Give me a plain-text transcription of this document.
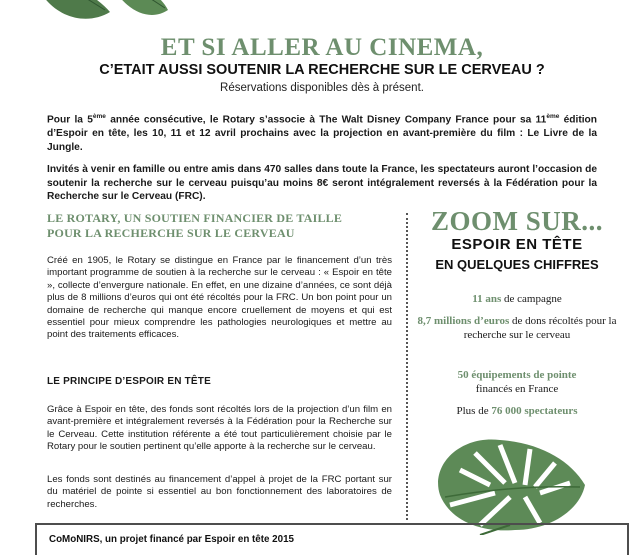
ET SI ALLER AU CINEMA,
C’ETAIT AUSSI SOUTENIR LA RECHERCHE SUR LE CERVEAU ?
Réservations disponibles dès à présent.
Pour la 5ème année consécutive, le Rotary s’associe à The Walt Disney Company France pour sa 11ème édition d’Espoir en tête, les 10, 11 et 12 avril prochains avec la projection en avant-première du film : Le Livre de la Jungle.
Invités à venir en famille ou entre amis dans 470 salles dans toute la France, les spectateurs auront l’occasion de soutenir la recherche sur le cerveau puisqu’au moins 8€ seront intégralement reversés à la Fédération pour la Recherche sur le Cerveau (FRC).
LE ROTARY, UN SOUTIEN FINANCIER DE TAILLE
POUR LA RECHERCHE SUR LE CERVEAU
Créé en 1905, le Rotary se distingue en France par le financement d’un très important programme de soutien à la recherche sur le cerveau : « Espoir en tête », collecte d’envergure nationale. En effet, en une dizaine d’années, ce sont déjà plus de 8 millions d’euros qui ont été récoltés pour la FRC. Un bon point pour un domaine de recherche qui manque encore cruellement de moyens et qui est essentiel pour mieux comprendre les pathologies neurologiques et mettre au point des traitements efficaces.
LE PRINCIPE D’ESPOIR EN TÊTE
Grâce à Espoir en tête, des fonds sont récoltés lors de la projection d’un film en avant-première et intégralement reversés à la Fédération pour la Recherche sur le Cerveau. Cette institution référente a été tout particulièrement choisie par le Rotary pour le soutien pertinent qu’elle apporte à la recherche sur le cerveau.
Les fonds sont destinés au financement d’appel à projet de la FRC portant sur du matériel de pointe si essentiel au bon fonctionnement des laboratoires de recherches.
ZOOM SUR...
ESPOIR EN TÊTE
EN QUELQUES CHIFFRES
11 ans de campagne
8,7 millions d’euros de dons récoltés pour la recherche sur le cerveau
50 équipements de pointe
financés en France
Plus de 76 000 spectateurs
CoMoNIRS, un projet financé par Espoir en tête 2015
